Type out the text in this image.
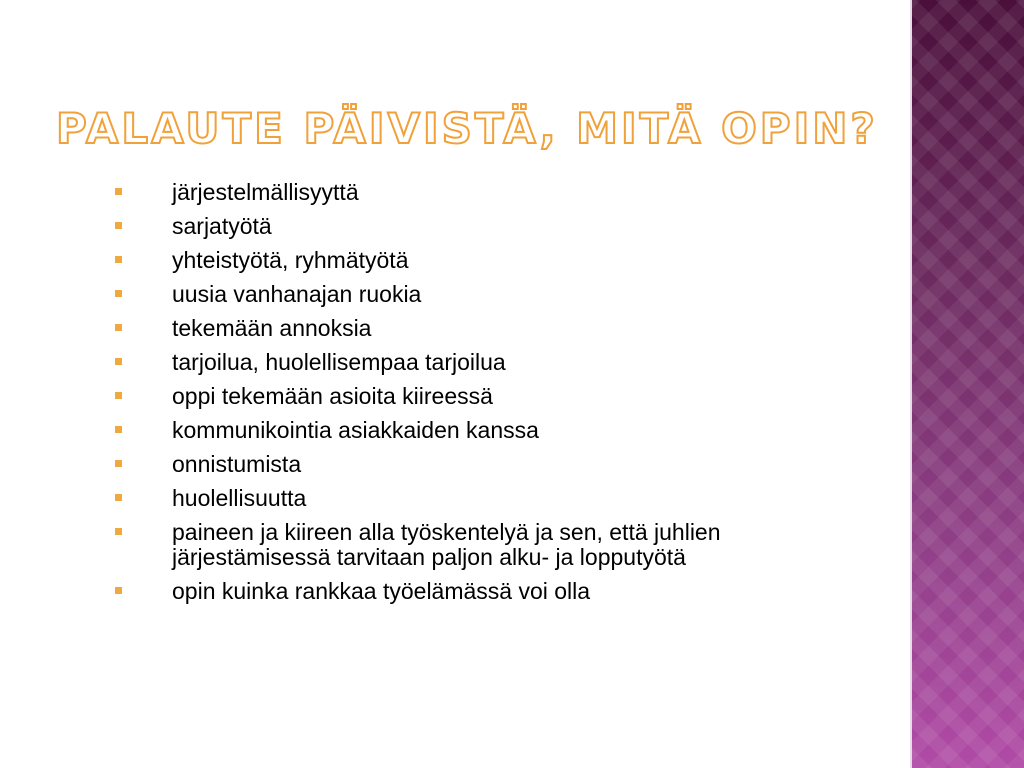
PALAUTE PÄIVISTÄ, MITÄ OPIN?
järjestelmällisyyttä
sarjatyötä
yhteistyötä, ryhmätyötä
uusia vanhanajan ruokia
tekemään annoksia
tarjoilua, huolellisempaa tarjoilua
oppi tekemään asioita kiireessä
kommunikointia asiakkaiden kanssa
onnistumista
huolellisuutta
paineen ja kiireen alla työskentelyä ja sen, että juhlien järjestämisessä tarvitaan paljon alku- ja lopputyötä
opin kuinka rankkaa työelämässä voi olla
